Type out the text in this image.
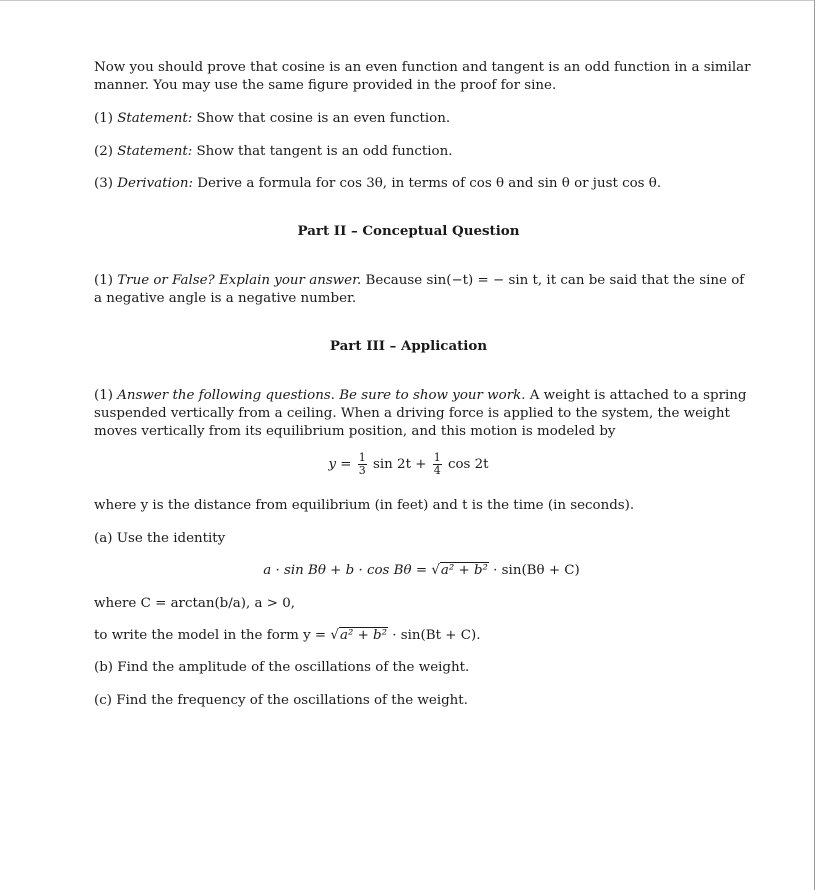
Now you should prove that cosine is an even function and tangent is an odd function in a similar
manner. You may use the same figure provided in the proof for sine.
(1) Statement: Show that cosine is an even function.
(2) Statement: Show that tangent is an odd function.
(3) Derivation: Derive a formula for cos 3θ, in terms of cos θ and sin θ or just cos θ.
Part II – Conceptual Question
(1) True or False? Explain your answer. Because sin(−t) = − sin t, it can be said that the sine of
a negative angle is a negative number.
Part III – Application
(1) Answer the following questions. Be sure to show your work. A weight is attached to a spring
suspended vertically from a ceiling. When a driving force is applied to the system, the weight
moves vertically from its equilibrium position, and this motion is modeled by
$y = \frac{1}{3}$ $\sin 2t + \frac{1}{4}$ cos 2t
where y is the distance from equilibrium (in feet) and t is the time (in seconds).
(a) Use the identity
a · sin Bθ + b · cos Bθ = √a² + b² · sin(Bθ + C)
where C = arctan(b/a), a > 0,
to write the model in the form y = √a² + b² · sin(Bt + C).
(b) Find the amplitude of the oscillations of the weight.
(c) Find the frequency of the oscillations of the weight.
